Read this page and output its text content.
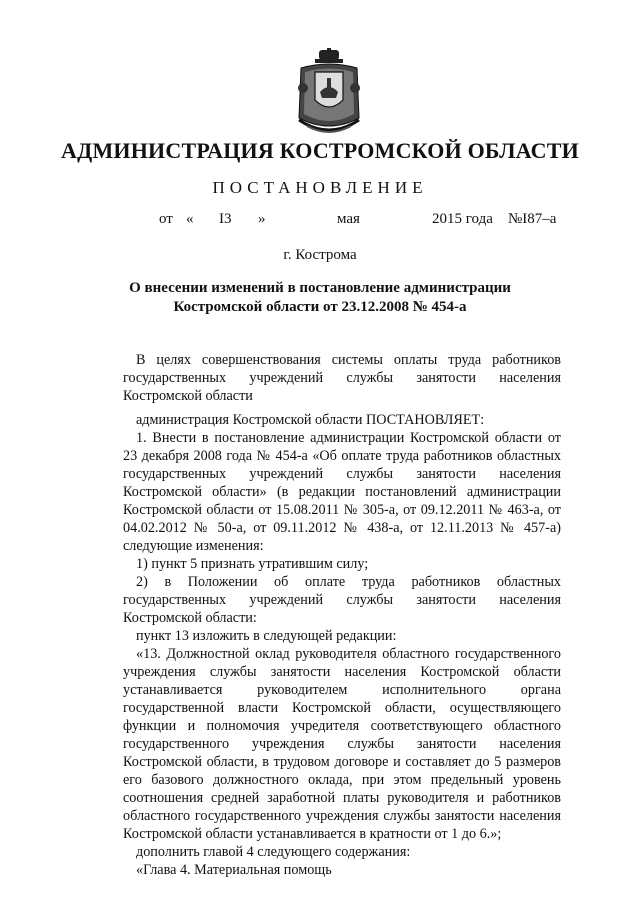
АДМИНИСТРАЦИЯ КОСТРОМСКОЙ ОБЛАСТИ
ПОСТАНОВЛЕНИЕ
от « I3 »	мая	2015 года №I87–а
г. Кострома
О внесении изменений в постановление администрации
Костромской области от 23.12.2008 № 454-а

В целях совершенствования системы оплаты труда работников государственных учреждений службы занятости населения Костромской области

администрация Костромской области ПОСТАНОВЛЯЕТ:

1. Внести в постановление администрации Костромской области от 23 декабря 2008 года № 454-а «Об оплате труда работников областных государственных учреждений службы занятости населения Костромской области» (в редакции постановлений администрации Костромской области от 15.08.2011 № 305-а, от 09.12.2011 № 463-а, от 04.02.2012 № 50-а, от 09.11.2012 № 438-а, от 12.11.2013 № 457-а) следующие изменения:

1) пункт 5 признать утратившим силу;

2) в Положении об оплате труда работников областных государственных учреждений службы занятости населения Костромской области:

пункт 13 изложить в следующей редакции:

«13. Должностной оклад руководителя областного государственного учреждения службы занятости населения Костромской области устанавливается руководителем исполнительного органа государственной власти Костромской области, осуществляющего функции и полномочия учредителя соответствующего областного государственного учреждения службы занятости населения Костромской области, в трудовом договоре и составляет до 5 размеров его базового должностного оклада, при этом предельный уровень соотношения средней заработной платы руководителя и работников областного государственного учреждения службы занятости населения Костромской области устанавливается в кратности от 1 до 6.»;

дополнить главой 4 следующего содержания:

«Глава 4. Материальная помощь
